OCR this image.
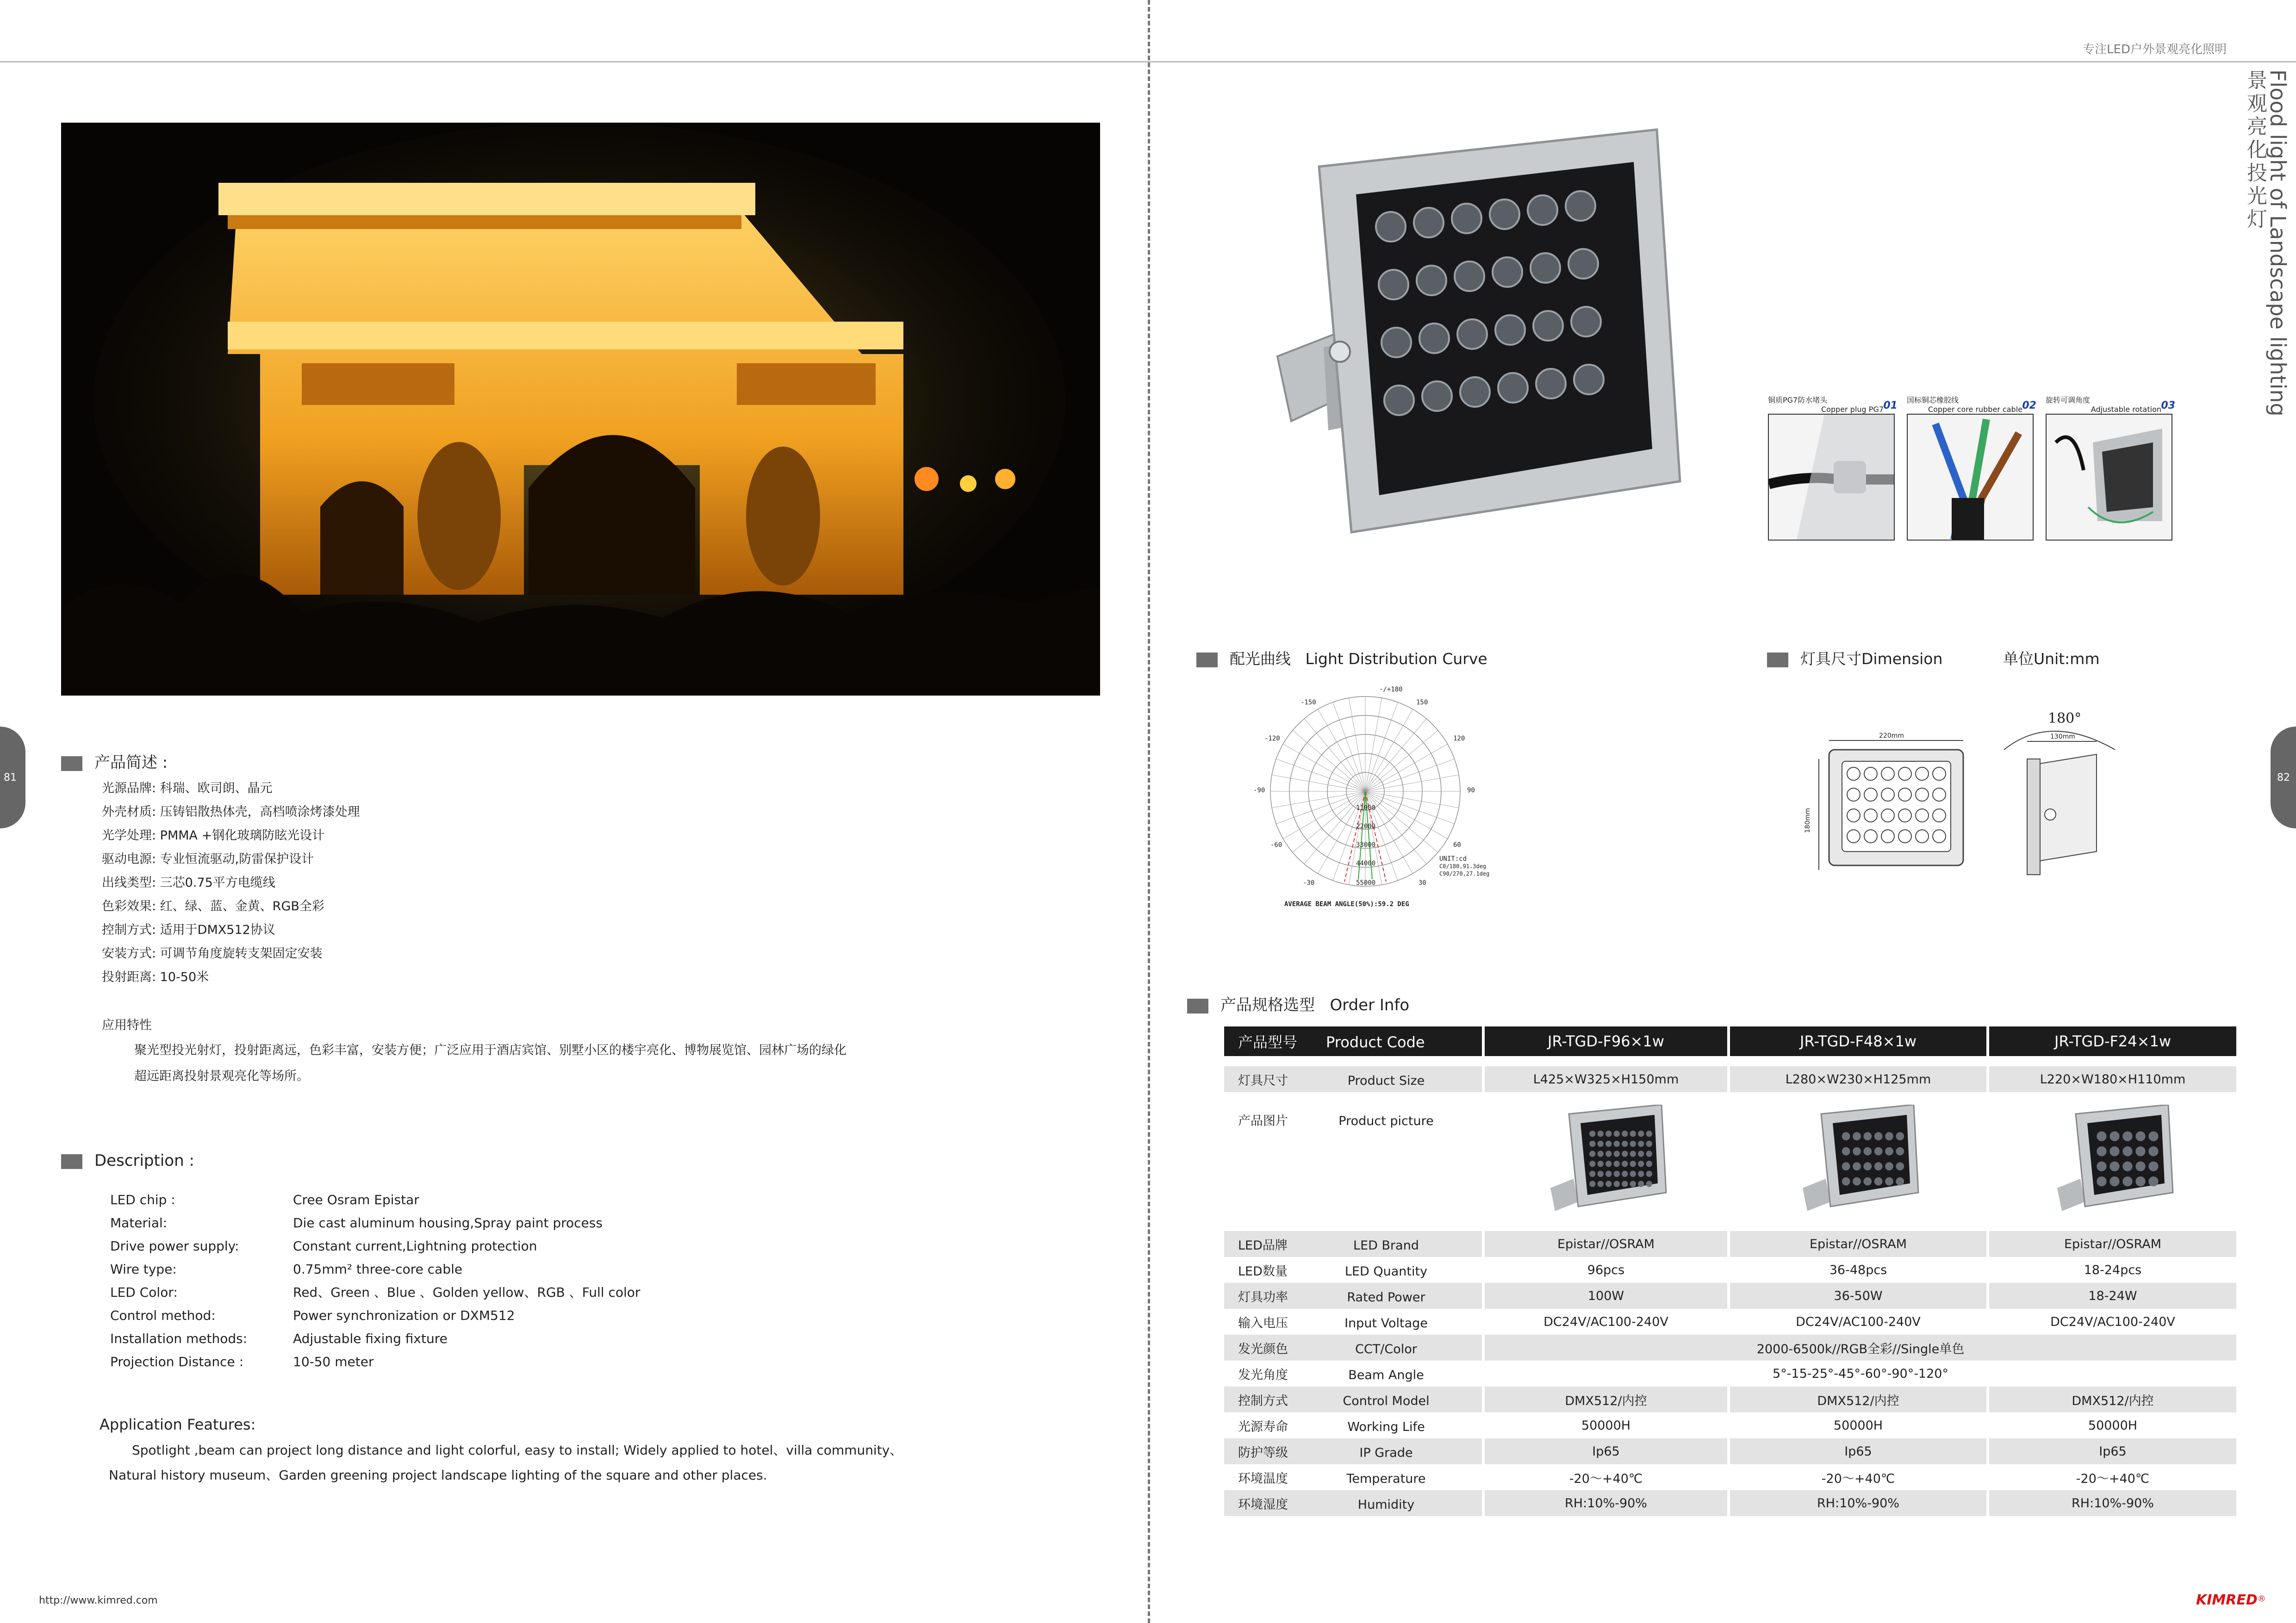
专注LED户外景观亮化照明
景观亮化投光灯
Flood light of Landscape lighting
81	82
产品简述 :
光源品牌: 科瑞、欧司朗、晶元
外壳材质: 压铸铝散热体壳，高档喷涂烤漆处理
光学处理: PMMA +钢化玻璃防眩光设计
驱动电源: 专业恒流驱动,防雷保护设计
出线类型: 三芯0.75平方电缆线
色彩效果: 红、绿、蓝、金黄、RGB全彩
控制方式: 适用于DMX512协议
安装方式: 可调节角度旋转支架固定安装
投射距离: 10-50米
应用特性
聚光型投光射灯，投射距离远，色彩丰富，安装方便；广泛应用于酒店宾馆、别墅小区的楼宇亮化、博物展览馆、园林广场的绿化
超远距离投射景观亮化等场所。
Description :
LED chip :	Cree Osram Epistar
Material:	Die cast aluminum housing,Spray paint process
Drive power supply:	Constant current,Lightning protection
Wire type:	0.75mm² three-core cable
LED Color:	Red、Green 、Blue 、Golden yellow、RGB 、Full color
Control method:	Power synchronization or DXM512
Installation methods:	Adjustable fixing fixture
Projection Distance :	10-50 meter
Application Features:
Spotlight ,beam can project long distance and light colorful, easy to install; Widely applied to hotel、villa community、
Natural history museum、Garden greening project landscape lighting of the square and other places.
http://www.kimred.com	KIMRED®
铜质PG7防水堵头
Copper plug PG7 01 国标铜芯橡胶线
Copper core rubber cable 02 旋转可调角度
Adjustable rotation 03
配光曲线 Light Distribution Curve
-/+180
-150	150
-120	120
-90	90
-60	60
-30	30
11000
22000
33000
44000
55000
UNIT:cd
C0/180,91.3deg
C90/270,27.1deg
AVERAGE BEAM ANGLE(50%):59.2 DEG
灯具尺寸Dimension	单位Unit:mm
220mm
180mm
180°
130mm
产品规格选型 Order Info
产品型号 Product Code	JR-TGD-F96×1w	JR-TGD-F48×1w	JR-TGD-F24×1w
灯具尺寸 Product Size	L425×W325×H150mm	L280×W230×H125mm	L220×W180×H110mm
产品图片 Product picture			
LED品牌 LED Brand	Epistar//OSRAM	Epistar//OSRAM	Epistar//OSRAM
LED数量 LED Quantity	96pcs	36-48pcs	18-24pcs
灯具功率 Rated Power	100W	36-50W	18-24W
输入电压 Input Voltage	DC24V/AC100-240V	DC24V/AC100-240V	DC24V/AC100-240V
发光颜色 CCT/Color	2000-6500k//RGB全彩//Single单色		
发光角度 Beam Angle	5°-15-25°-45°-60°-90°-120°		
控制方式 Control Model	DMX512/内控	DMX512/内控	DMX512/内控
光源寿命 Working Life	50000H	50000H	50000H
防护等级 IP Grade	Ip65	Ip65	Ip65
环境温度 Temperature	-20～+40℃	-20～+40℃	-20～+40℃
环境湿度 Humidity	RH:10%-90%	RH:10%-90%	RH:10%-90%
